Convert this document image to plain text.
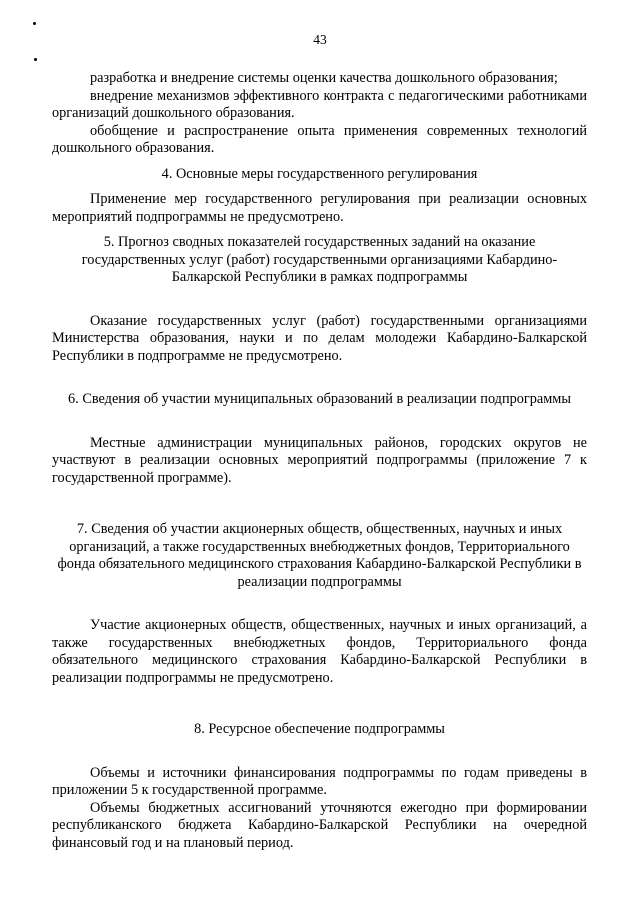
43

разработка и внедрение системы оценки качества дошкольного образования;

внедрение механизмов эффективного контракта с педагогическими работниками организаций дошкольного образования.

обобщение и распространение опыта применения современных технологий дошкольного образования.

4. Основные меры государственного регулирования

Применение мер государственного регулирования при реализации основных мероприятий подпрограммы не предусмотрено.

5. Прогноз сводных показателей государственных заданий на оказание государственных услуг (работ) государственными организациями Кабардино-Балкарской Республики в рамках подпрограммы

Оказание государственных услуг (работ) государственными организациями Министерства образования, науки и по делам молодежи Кабардино-Балкарской Республики в подпрограмме не предусмотрено.

6. Сведения об участии муниципальных образований в реализации подпрограммы

Местные администрации муниципальных районов, городских округов не участвуют в реализации основных мероприятий подпрограммы (приложение 7 к государственной программе).

7. Сведения об участии акционерных обществ, общественных, научных и иных организаций, а также государственных внебюджетных фондов, Территориального фонда обязательного медицинского страхования Кабардино-Балкарской Республики в реализации подпрограммы

Участие акционерных обществ, общественных, научных и иных организаций, а также государственных внебюджетных фондов, Территориального фонда обязательного медицинского страхования Кабардино-Балкарской Республики в реализации подпрограммы не предусмотрено.

8. Ресурсное обеспечение подпрограммы

Объемы и источники финансирования подпрограммы по годам приведены в приложении 5 к государственной программе.

Объемы бюджетных ассигнований уточняются ежегодно при формировании республиканского бюджета Кабардино-Балкарской Республики на очередной финансовый год и на плановый период.
